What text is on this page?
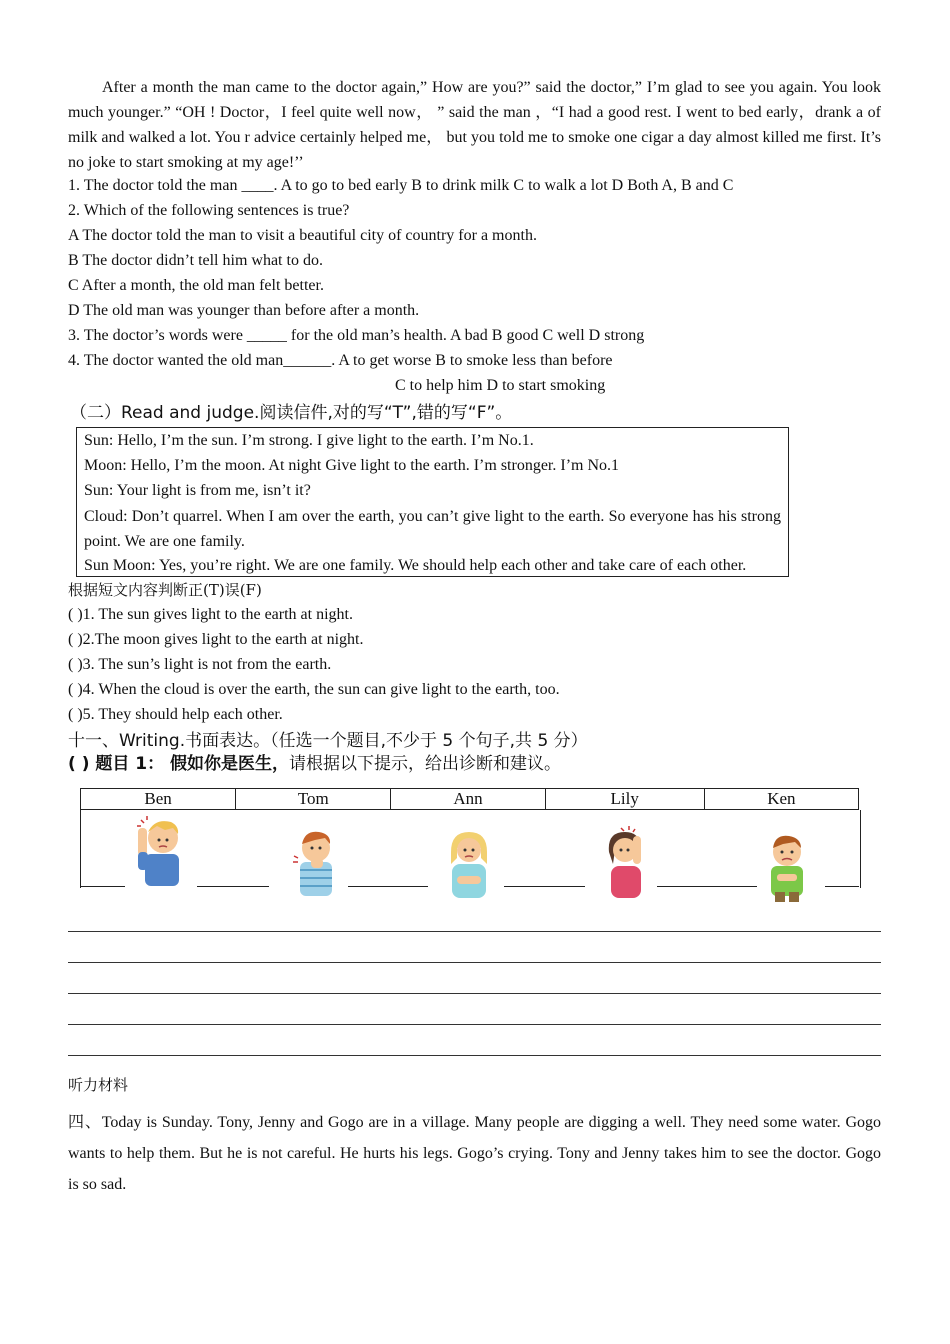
After a month the man came to the doctor again,” How are you?” said the doctor,” I’m glad to see you again. You look much younger.” “OH ! Doctor，I feel quite well now， ” said the man ，“I had a good rest. I went to bed early，drank a of milk and walked a lot. You r advice certainly helped me， but you told me to smoke one cigar a day almost killed me first. It’s no joke to start smoking at my age!’’
1. The doctor told the man ____. A to go to bed early B to drink milk C to walk a lot D Both A, B and C
2. Which of the following sentences is true?
A The doctor told the man to visit a beautiful city of country for a month.
B The doctor didn’t tell him what to do.
C After a month, the old man felt better.
D The old man was younger than before after a month.
3. The doctor’s words were _____ for the old man’s health. A bad B good C well D strong
4. The doctor wanted the old man______. A to get worse B to smoke less than before
C to help him D to start smoking
（二）Read and judge.阅读信件,对的写“T”,错的写“F”。
Sun: Hello, I’m the sun. I’m strong. I give light to the earth. I’m No.1.
Moon: Hello, I’m the moon. At night Give light to the earth. I’m stronger. I’m No.1
Sun: Your light is from me, isn’t it?
Cloud: Don’t quarrel. When I am over the earth, you can’t give light to the earth. So everyone has his strong point. We are one family.
Sun Moon: Yes, you’re right. We are one family. We should help each other and take care of each other.
根据短文内容判断正(T)误(F)
( )1. The sun gives light to the earth at night.
( )2.The moon gives light to the earth at night.
( )3. The sun’s light is not from the earth.
( )4. When the cloud is over the earth, the sun can give light to the earth, too.
( )5. They should help each other.
十一、Writing.书面表达。（任选一个题目,不少于 5 个句子,共 5 分）
( ) 题目 1： 假如你是医生，请根据以下提示，给出诊断和建议。
Ben	Tom	Ann	Lily	Ken
听力材料
四、Today is Sunday. Tony, Jenny and Gogo are in a village. Many people are digging a well. They need some water. Gogo wants to help them. But he is not careful. He hurts his legs. Gogo’s crying. Tony and Jenny takes him to see the doctor. Gogo is so sad.
